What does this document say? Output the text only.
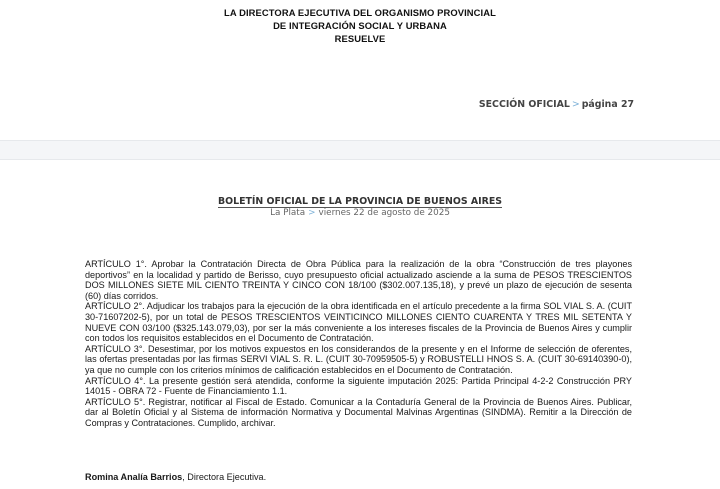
LA DIRECTORA EJECUTIVA DEL ORGANISMO PROVINCIAL
DE INTEGRACIÓN SOCIAL Y URBANA
RESUELVE
SECCIÓN OFICIAL > página 27
BOLETÍN OFICIAL DE LA PROVINCIA DE BUENOS AIRES
La Plata > viernes 22 de agosto de 2025

ARTÍCULO 1°. Aprobar la Contratación Directa de Obra Pública para la realización de la obra “Construcción de tres playones deportivos” en la localidad y partido de Berisso, cuyo presupuesto oficial actualizado asciende a la suma de PESOS TRESCIENTOS DOS MILLONES SIETE MIL CIENTO TREINTA Y CINCO CON 18/100 ($302.007.135,18), y prevé un plazo de ejecución de sesenta (60) días corridos.

ARTÍCULO 2°. Adjudicar los trabajos para la ejecución de la obra identificada en el artículo precedente a la firma SOL VIAL S. A. (CUIT 30-71607202-5), por un total de PESOS TRESCIENTOS VEINTICINCO MILLONES CIENTO CUARENTA Y TRES MIL SETENTA Y NUEVE CON 03/100 ($325.143.079,03), por ser la más conveniente a los intereses fiscales de la Provincia de Buenos Aires y cumplir con todos los requisitos establecidos en el Documento de Contratación.

ARTÍCULO 3°. Desestimar, por los motivos expuestos en los considerandos de la presente y en el Informe de selección de oferentes, las ofertas presentadas por las firmas SERVI VIAL S. R. L. (CUIT 30-70959505-5) y ROBUSTELLI HNOS S. A. (CUIT 30-69140390-0), ya que no cumple con los criterios mínimos de calificación establecidos en el Documento de Contratación.

ARTÍCULO 4°. La presente gestión será atendida, conforme la siguiente imputación 2025: Partida Principal 4-2-2 Construcción PRY 14015 - OBRA 72 - Fuente de Financiamiento 1.1.

ARTÍCULO 5°. Registrar, notificar al Fiscal de Estado. Comunicar a la Contaduría General de la Provincia de Buenos Aires. Publicar, dar al Boletín Oficial y al Sistema de información Normativa y Documental Malvinas Argentinas (SINDMA). Remitir a la Dirección de Compras y Contrataciones. Cumplido, archivar.

Romina Analía Barrios, Directora Ejecutiva.
